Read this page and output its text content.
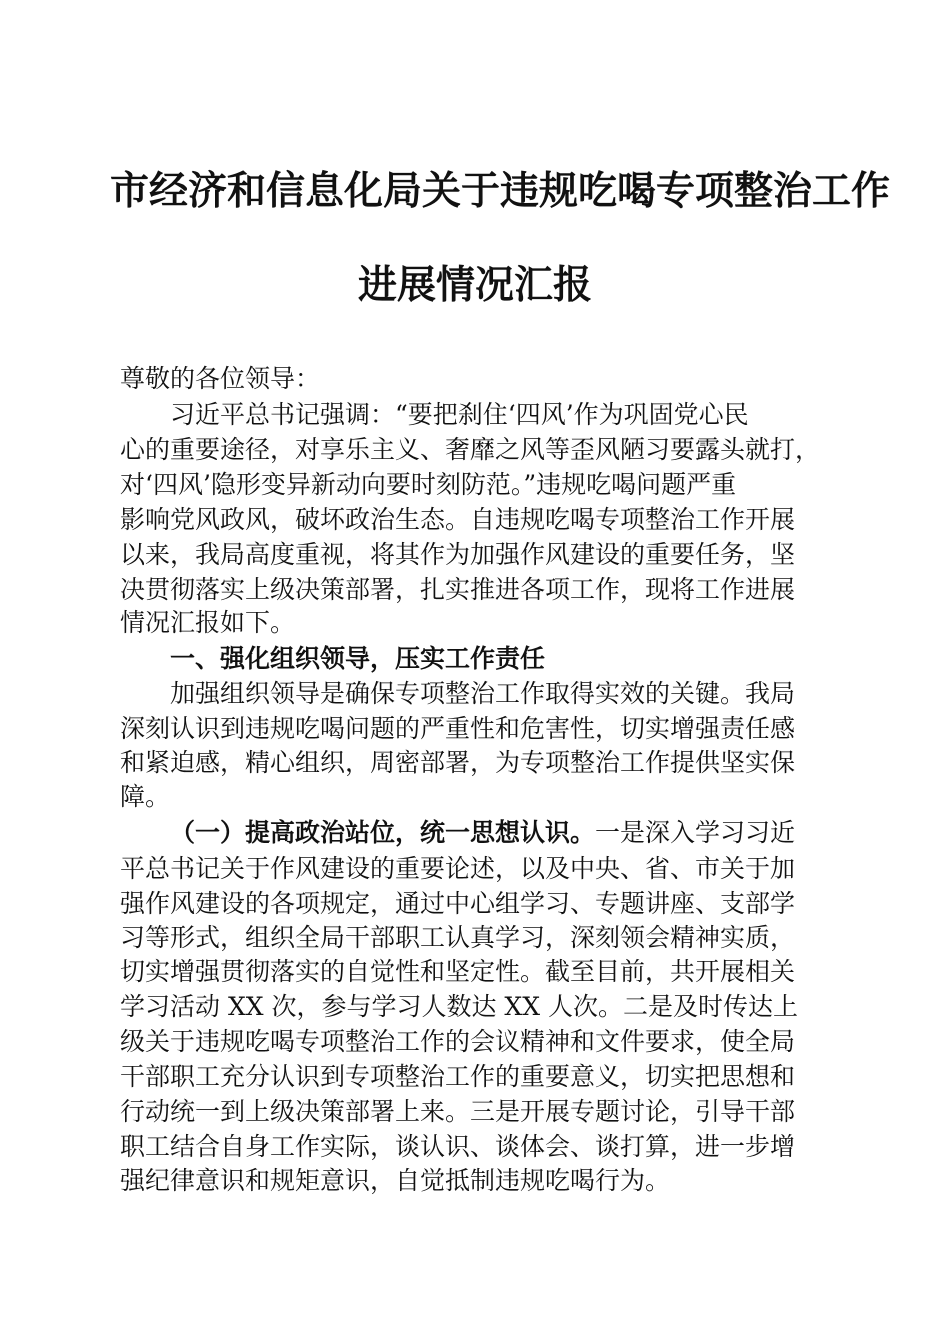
市经济和信息化局关于违规吃喝专项整治工作
进展情况汇报

尊敬的各位领导：

习近平总书记强调：“要把刹住‘四风’作为巩固党心民

心的重要途径，对享乐主义、奢靡之风等歪风陋习要露头就打，

对‘四风’隐形变异新动向要时刻防范。”违规吃喝问题严重

影响党风政风，破坏政治生态。自违规吃喝专项整治工作开展

以来，我局高度重视，将其作为加强作风建设的重要任务，坚

决贯彻落实上级决策部署，扎实推进各项工作，现将工作进展

情况汇报如下。

一、强化组织领导，压实工作责任

加强组织领导是确保专项整治工作取得实效的关键。我局

深刻认识到违规吃喝问题的严重性和危害性，切实增强责任感

和紧迫感，精心组织，周密部署，为专项整治工作提供坚实保

障。

（一）提高政治站位，统一思想认识。一是深入学习习近

平总书记关于作风建设的重要论述，以及中央、省、市关于加

强作风建设的各项规定，通过中心组学习、专题讲座、支部学

习等形式，组织全局干部职工认真学习，深刻领会精神实质，

切实增强贯彻落实的自觉性和坚定性。截至目前，共开展相关

学习活动 XX 次，参与学习人数达 XX 人次。二是及时传达上

级关于违规吃喝专项整治工作的会议精神和文件要求，使全局

干部职工充分认识到专项整治工作的重要意义，切实把思想和

行动统一到上级决策部署上来。三是开展专题讨论，引导干部

职工结合自身工作实际，谈认识、谈体会、谈打算，进一步增

强纪律意识和规矩意识，自觉抵制违规吃喝行为。
